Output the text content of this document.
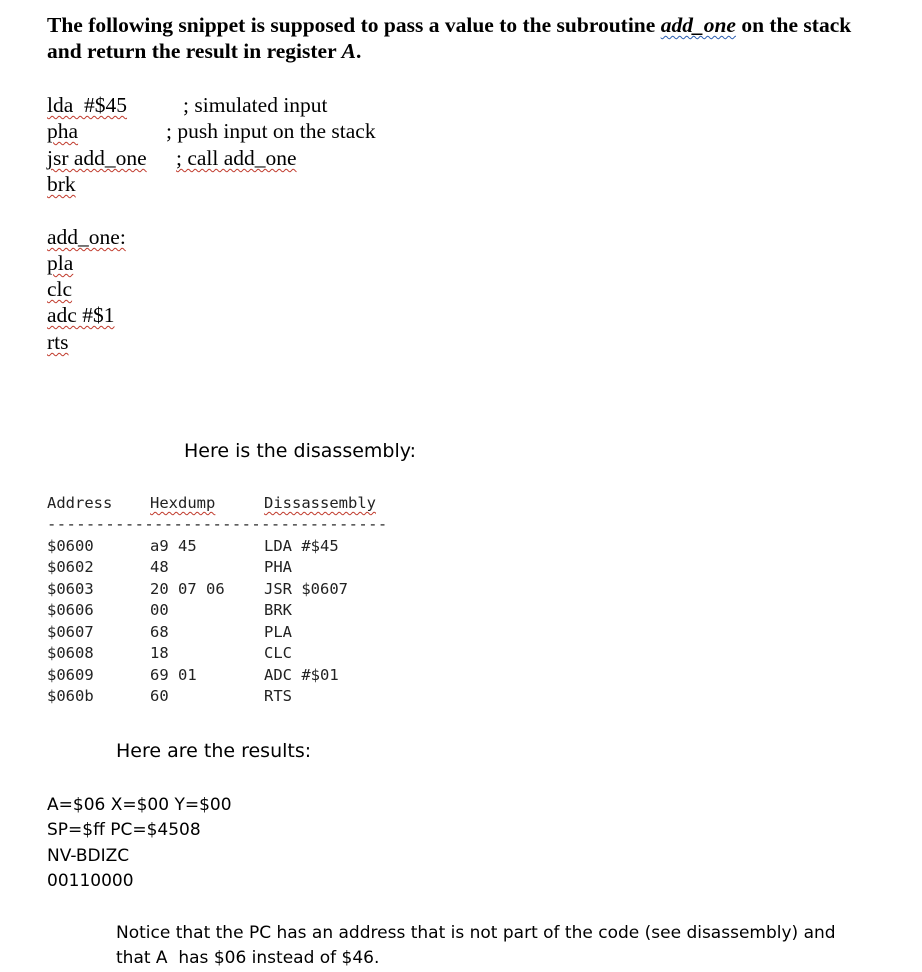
The following snippet is supposed to pass a value to the subroutine add_one on the stack
and return the result in register A.
lda  #$45	; simulated input
pha	; push input on the stack
jsr add_one ; call add_one
brk
add_one:
pla
clc
adc #$1
rts
Here is the disassembly:
Address Hexdump	Dissassembly
-----------------------------------
$0600	a9 45	LDA #$45
$0602	48	PHA
$0603	20 07 06	JSR $0607
$0606	00	BRK
$0607	68	PLA
$0608	18	CLC
$0609	69 01	ADC #$01
$060b	60	RTS
Here are the results:
A=$06 X=$00 Y=$00
SP=$ff PC=$4508
NV-BDIZC
00110000
Notice that the PC has an address that is not part of the code (see disassembly) and
that A  has $06 instead of $46.
